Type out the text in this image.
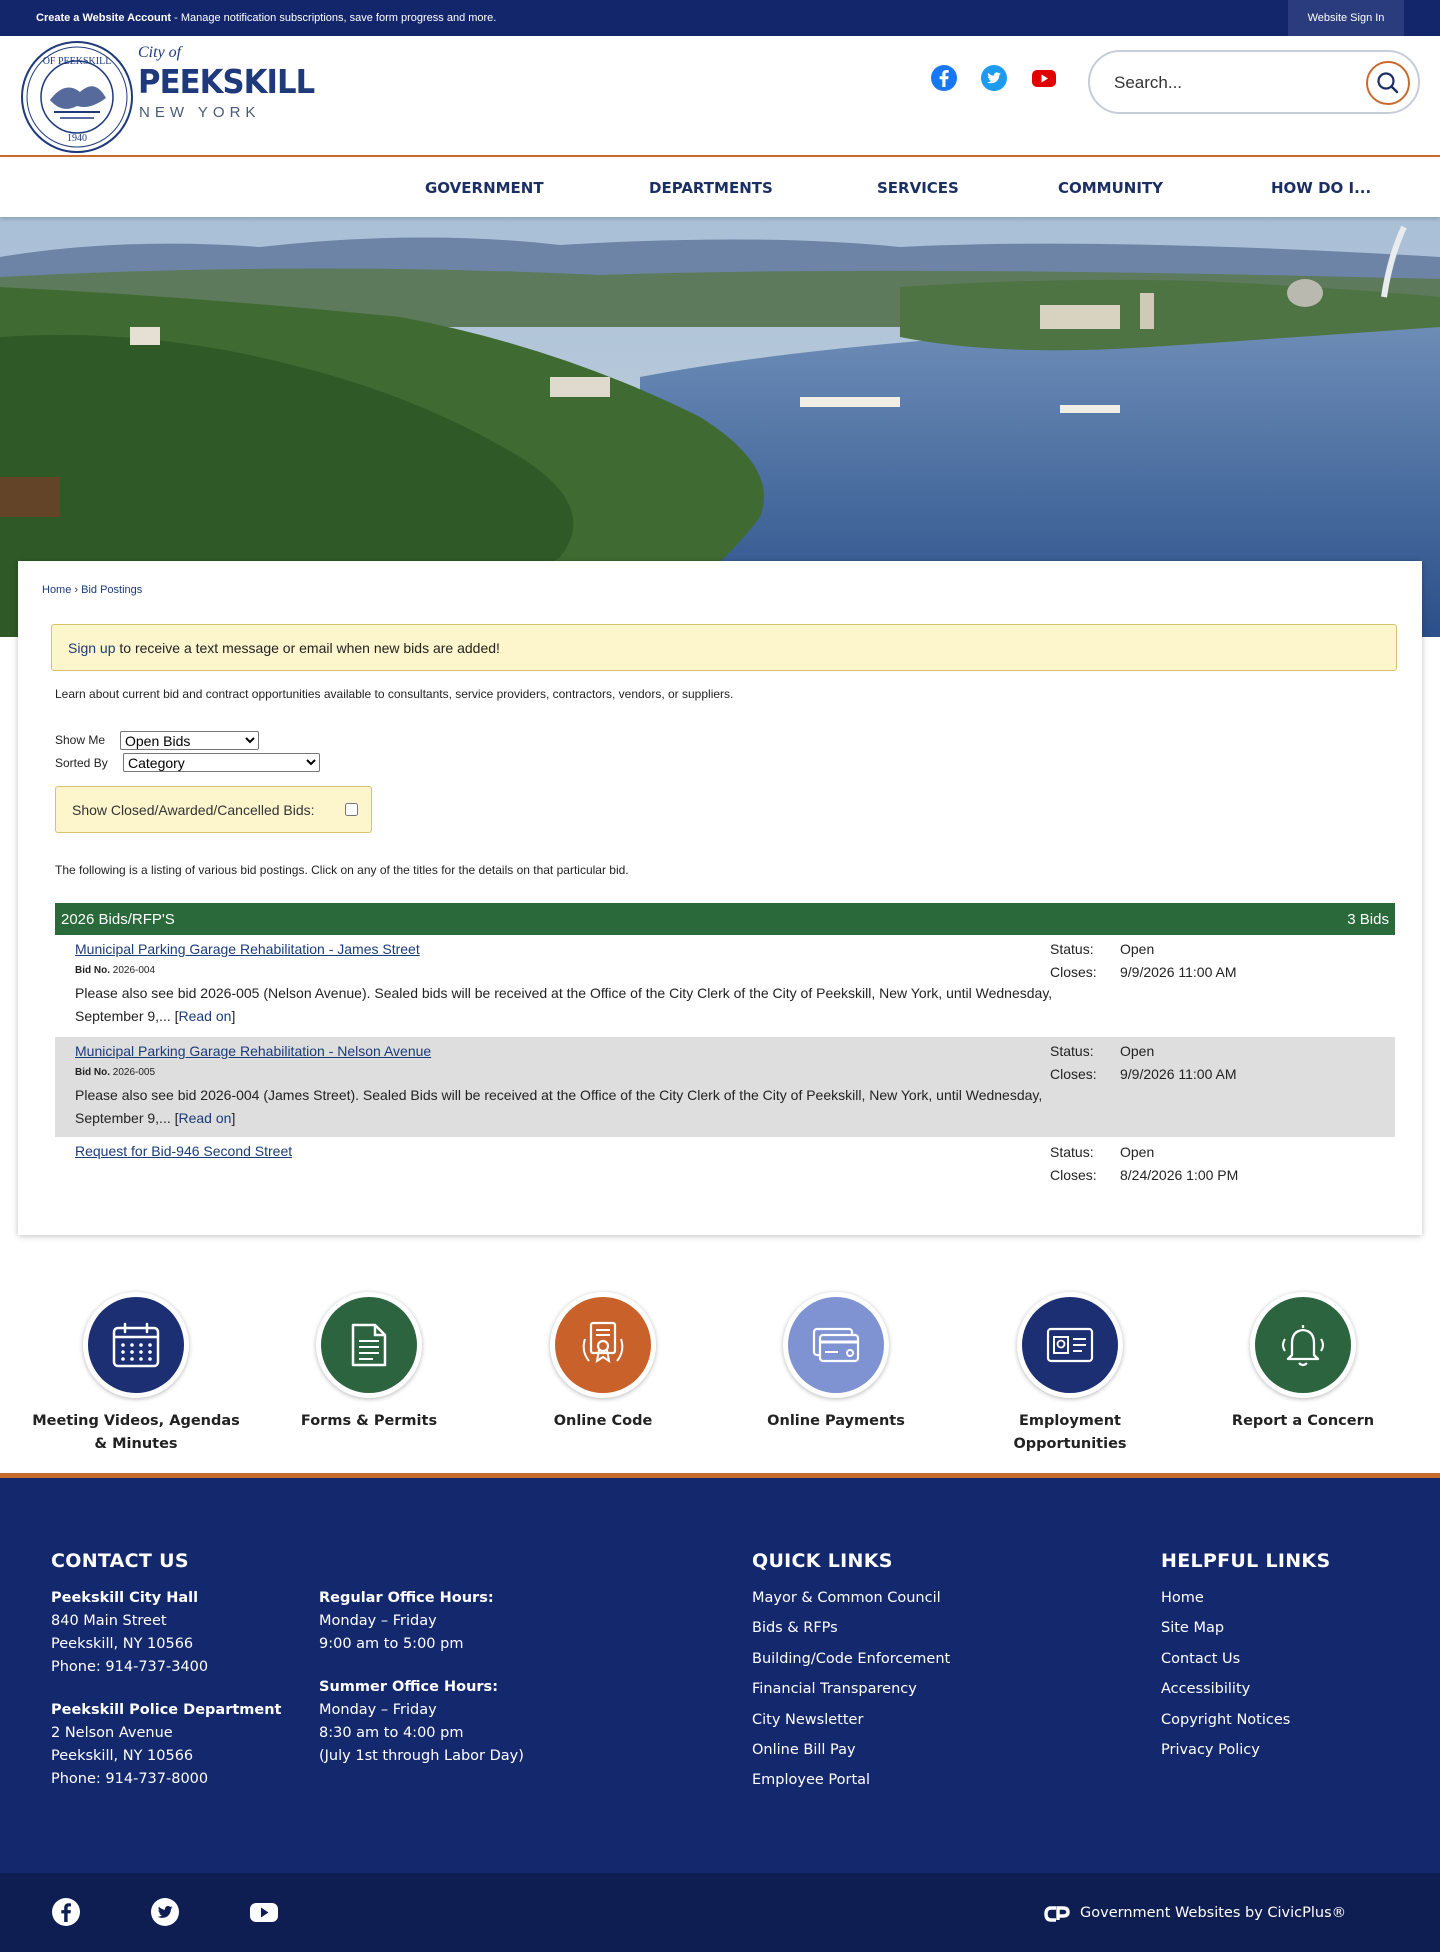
Create a Website Account - Manage notification subscriptions, save form progress and more.	Website Sign In
OF PEEKSKILL
1940
City of
PEEKSKILL
NEW YORK
Search...
GOVERNMENT	DEPARTMENTS	SERVICES	COMMUNITY	HOW DO I...
Home › Bid Postings
Sign up to receive a text message or email when new bids are added!
Learn about current bid and contract opportunities available to consultants, service providers, contractors, vendors, or suppliers.
Show Me
Open Bids
Sorted By
Category
Show Closed/Awarded/Cancelled Bids:
The following is a listing of various bid postings. Click on any of the titles for the details on that particular bid.
2026 Bids/RFP'S	3 Bids
Municipal Parking Garage Rehabilitation - James Street
Bid No. 2026-004
Please also see bid 2026-005 (Nelson Avenue). Sealed bids will be received at the Office of the City Clerk of the City of Peekskill, New York, until Wednesday, September 9,... [Read on]
Status: Open
Closes: 9/9/2026 11:00 AM
Municipal Parking Garage Rehabilitation - Nelson Avenue
Bid No. 2026-005
Please also see bid 2026-004 (James Street). Sealed Bids will be received at the Office of the City Clerk of the City of Peekskill, New York, until Wednesday, September 9,... [Read on]
Status: Open
Closes: 9/9/2026 11:00 AM
Request for Bid-946 Second Street	Status: Open
Closes: 8/24/2026 1:00 PM
Meeting Videos, Agendas & Minutes
Forms & Permits	Online Code	Online Payments	Employment Opportunities
Report a Concern
CONTACT US
Peekskill City Hall
840 Main Street
Peekskill, NY 10566
Phone: 914-737-3400
Peekskill Police Department
2 Nelson Avenue
Peekskill, NY 10566
Phone: 914-737-8000
Regular Office Hours:
Monday – Friday
9:00 am to 5:00 pm
Summer Office Hours:
Monday – Friday
8:30 am to 4:00 pm
(July 1st through Labor Day)
QUICK LINKS
Mayor & Common Council
Bids & RFPs
Building/Code Enforcement
Financial Transparency
City Newsletter
Online Bill Pay
Employee Portal
HELPFUL LINKS
Home
Site Map
Contact Us
Accessibility
Copyright Notices
Privacy Policy
Government Websites by CivicPlus®
